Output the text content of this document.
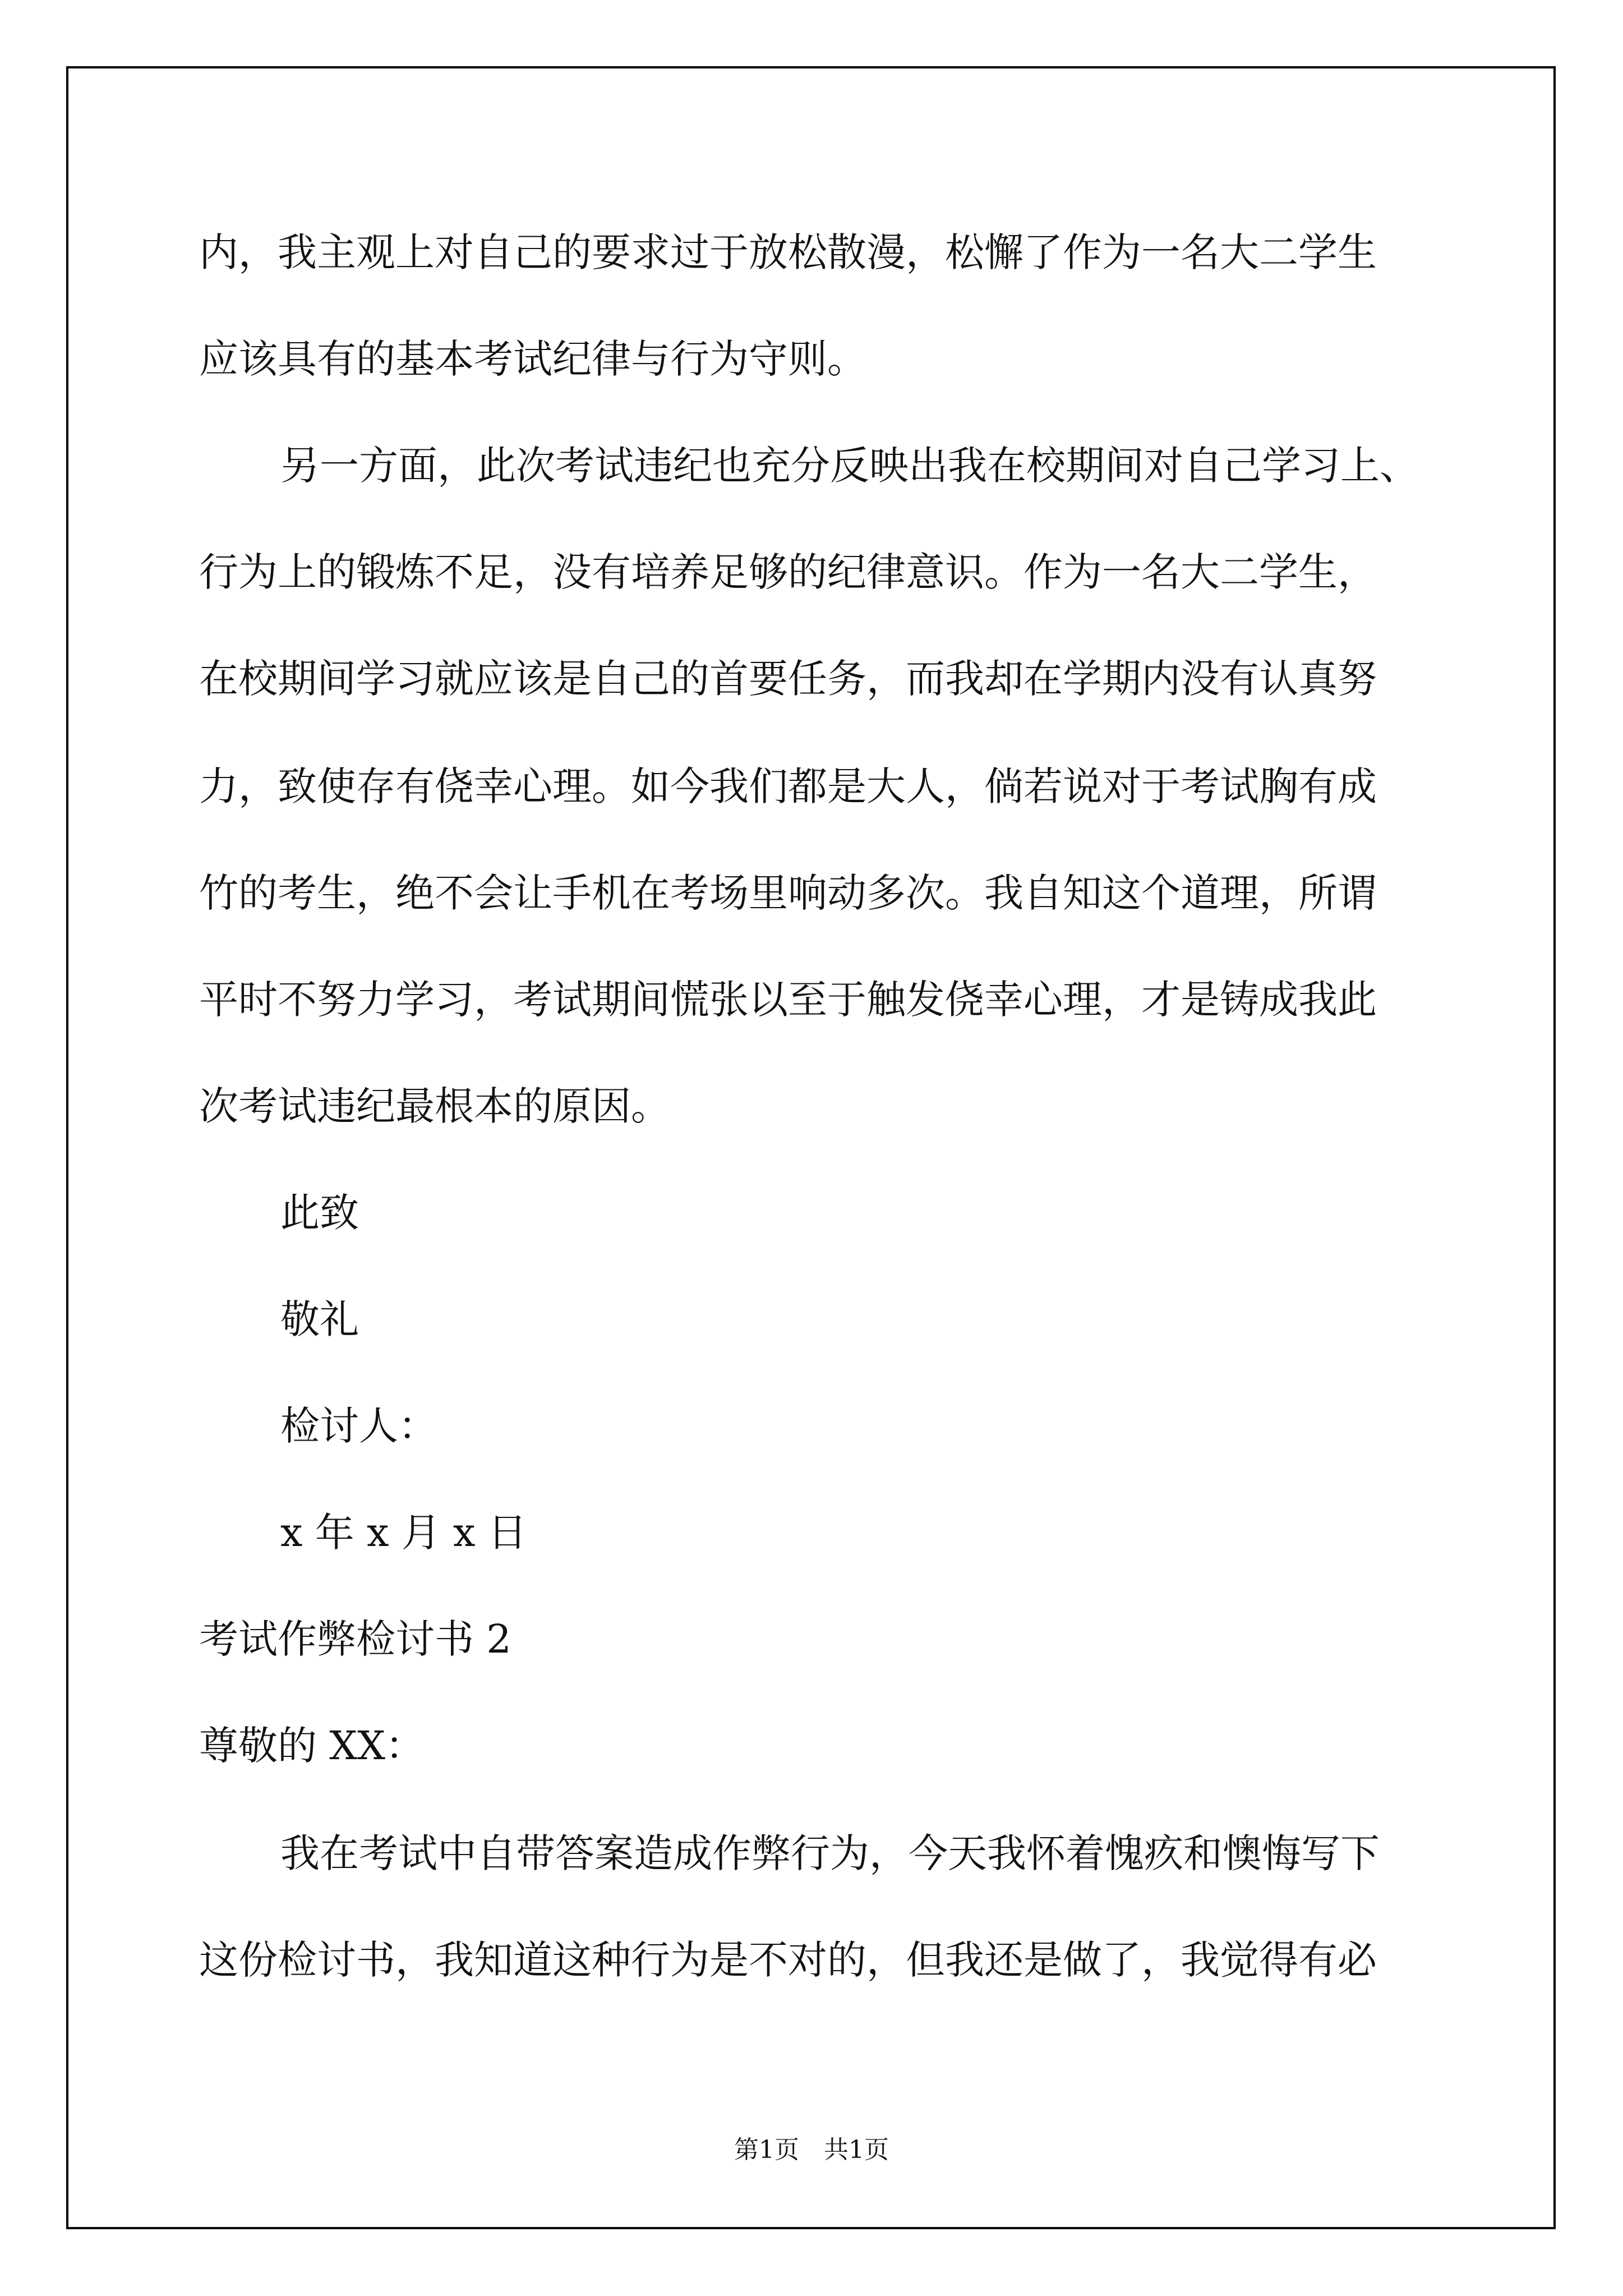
内，我主观上对自己的要求过于放松散漫，松懈了作为一名大二学生

应该具有的基本考试纪律与行为守则。

另一方面，此次考试违纪也充分反映出我在校期间对自己学习上、

行为上的锻炼不足，没有培养足够的纪律意识。作为一名大二学生，

在校期间学习就应该是自己的首要任务，而我却在学期内没有认真努

力，致使存有侥幸心理。如今我们都是大人，倘若说对于考试胸有成

竹的考生，绝不会让手机在考场里响动多次。我自知这个道理，所谓

平时不努力学习，考试期间慌张以至于触发侥幸心理，才是铸成我此

次考试违纪最根本的原因。

此致

敬礼

检讨人：

x 年 x 月 x 日

考试作弊检讨书 2

尊敬的 XX：

我在考试中自带答案造成作弊行为，今天我怀着愧疚和懊悔写下

这份检讨书，我知道这种行为是不对的，但我还是做了，我觉得有必

第1页　共1页
